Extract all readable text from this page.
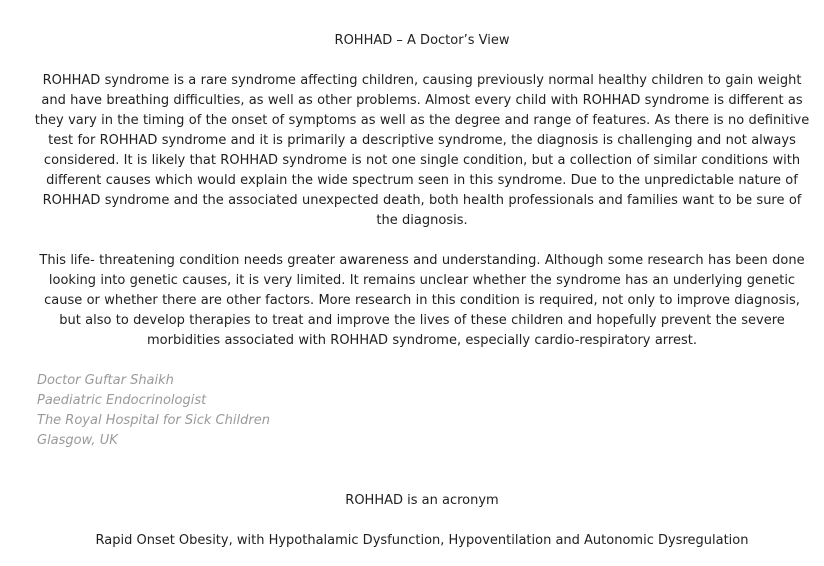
ROHHAD – A Doctor’s View

ROHHAD syndrome is a rare syndrome affecting children, causing previously normal healthy children to gain weight and have breathing difficulties, as well as other problems. Almost every child with ROHHAD syndrome is different as they vary in the timing of the onset of symptoms as well as the degree and range of features. As there is no definitive test for ROHHAD syndrome and it is primarily a descriptive syndrome, the diagnosis is challenging and not always considered. It is likely that ROHHAD syndrome is not one single condition, but a collection of similar conditions with different causes which would explain the wide spectrum seen in this syndrome. Due to the unpredictable nature of ROHHAD syndrome and the associated unexpected death, both health professionals and families want to be sure of the diagnosis.

This life- threatening condition needs greater awareness and understanding. Although some research has been done looking into genetic causes, it is very limited. It remains unclear whether the syndrome has an underlying genetic cause or whether there are other factors. More research in this condition is required, not only to improve diagnosis, but also to develop therapies to treat and improve the lives of these children and hopefully prevent the severe morbidities associated with ROHHAD syndrome, especially cardio-respiratory arrest.

Doctor Guftar Shaikh
Paediatric Endocrinologist
The Royal Hospital for Sick Children
Glasgow, UK

ROHHAD is an acronym

Rapid Onset Obesity, with Hypothalamic Dysfunction, Hypoventilation and Autonomic Dysregulation
